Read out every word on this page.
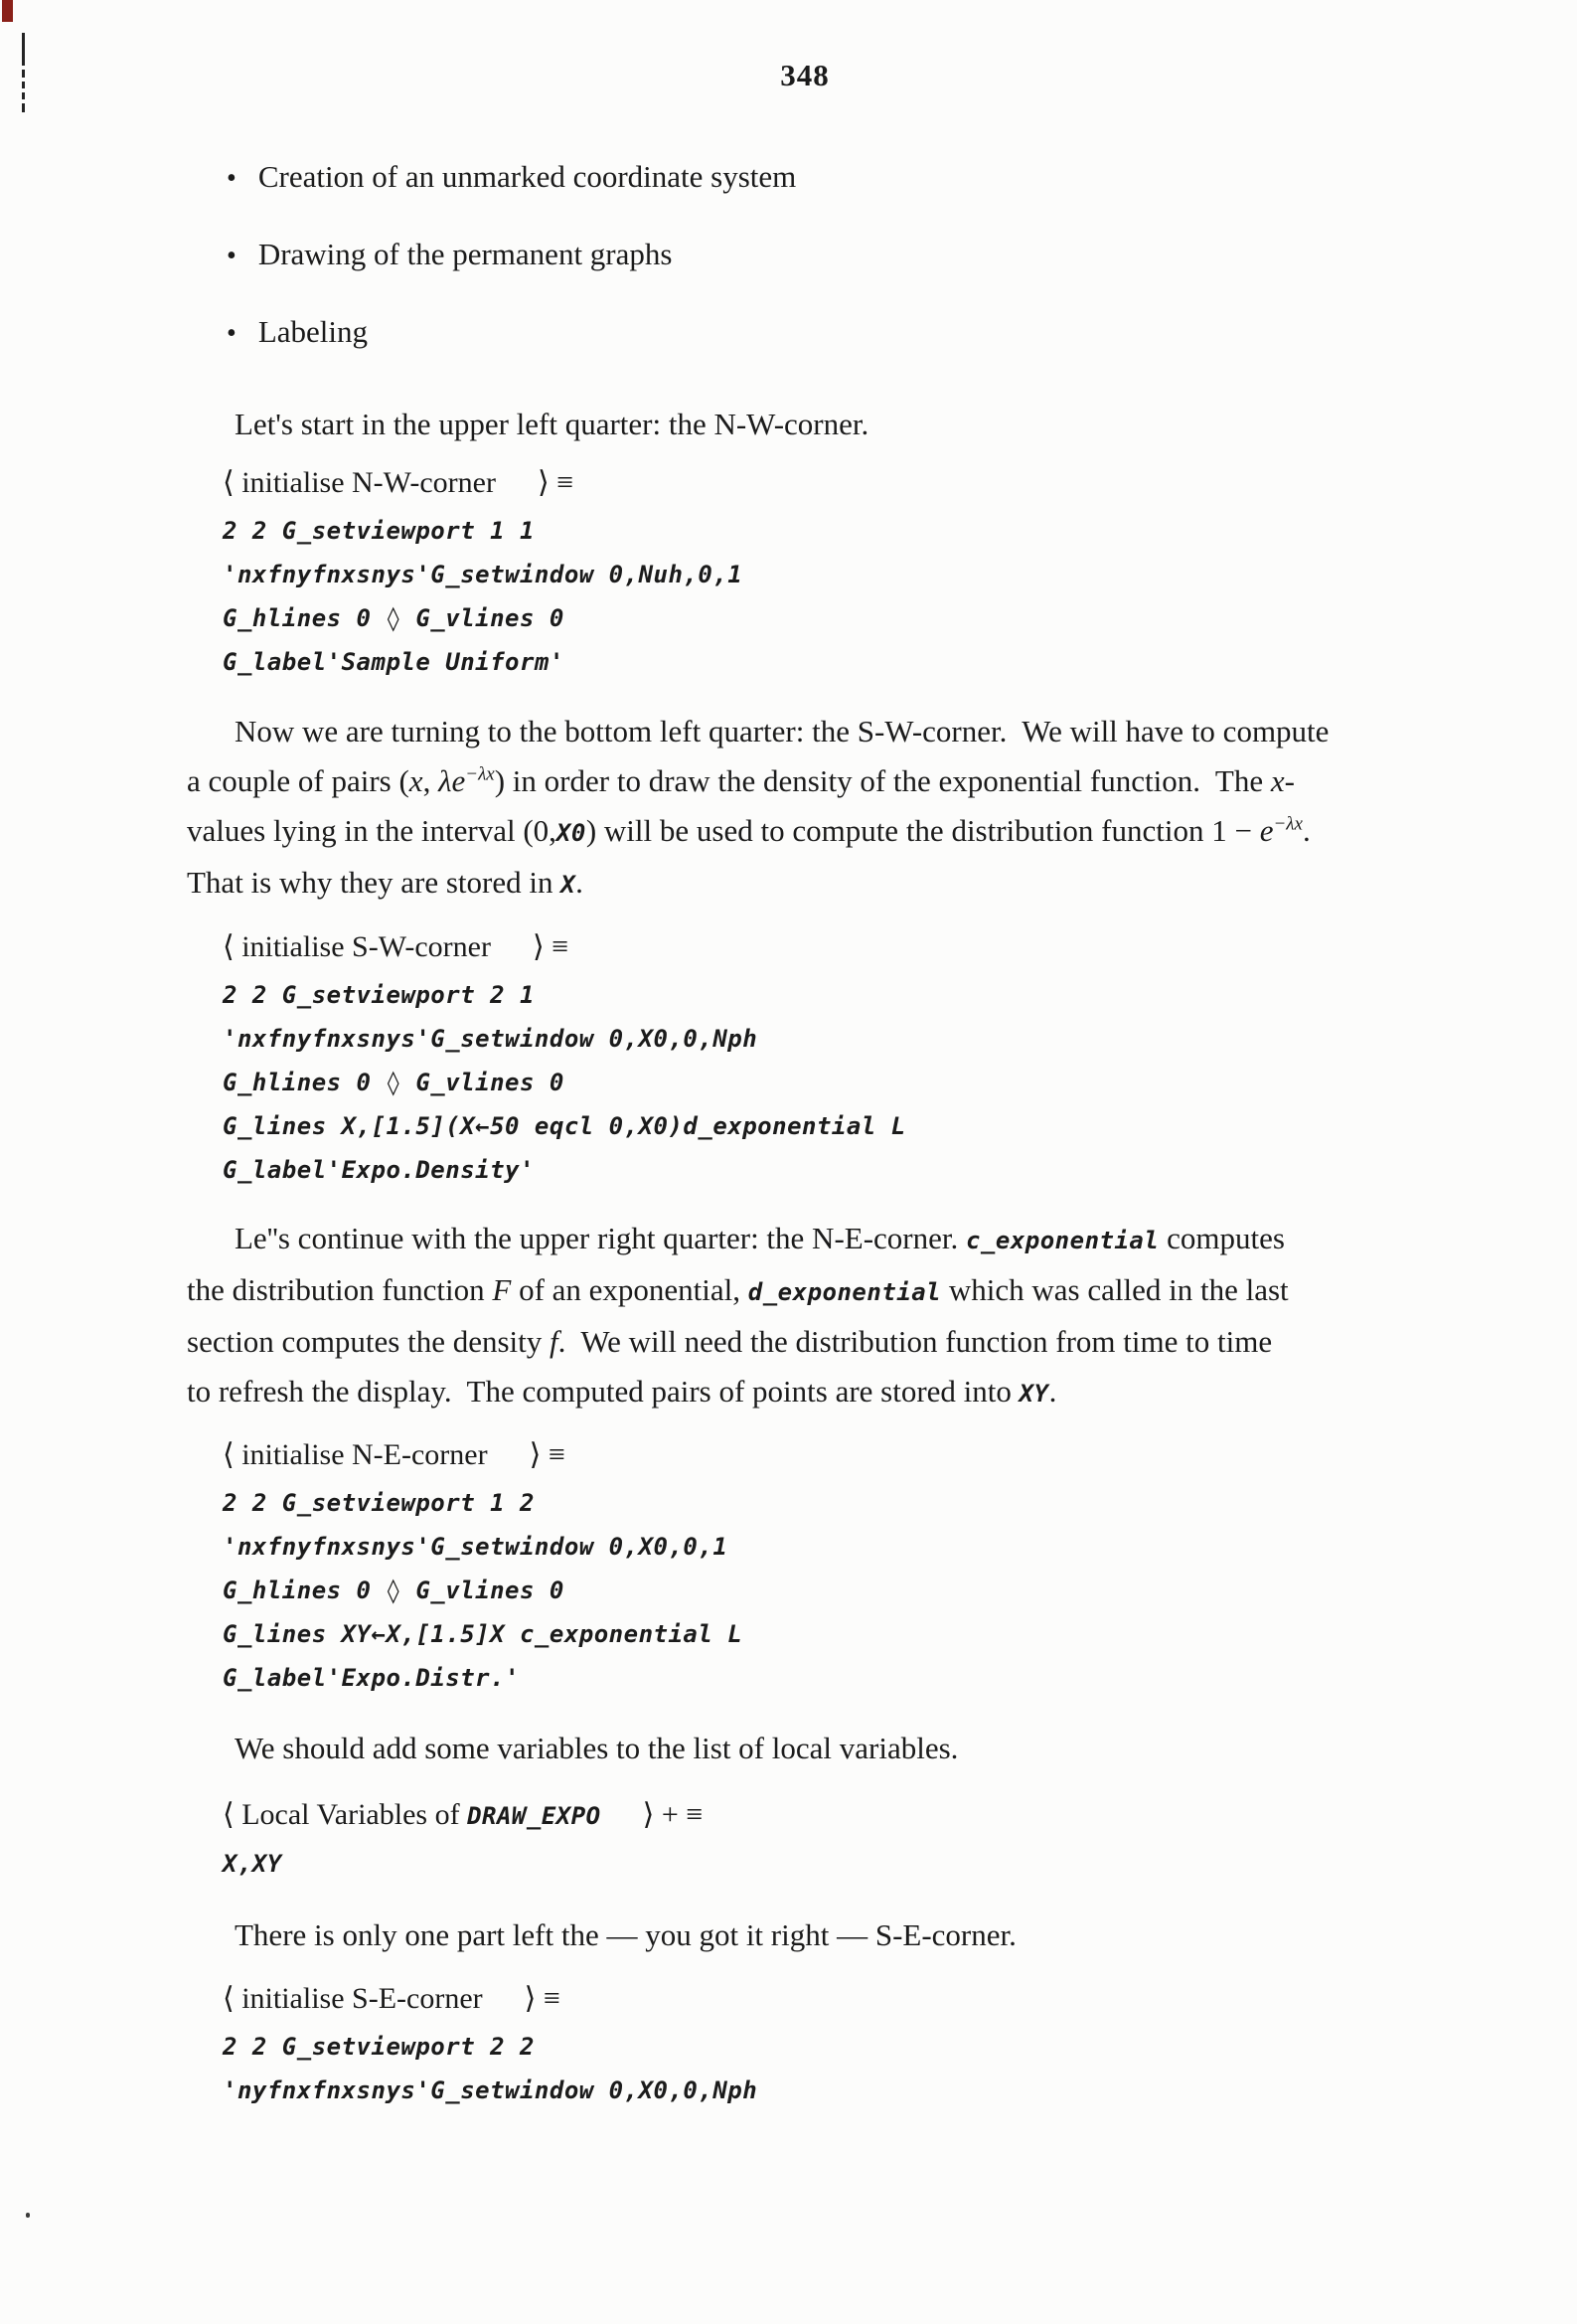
348
• Creation of an unmarked coordinate system
• Drawing of the permanent graphs
• Labeling
Let's start in the upper left quarter: the N-W-corner.
⟨ initialise N-W-corner ⟩ ≡
2 2 G_setviewport 1 1
'nxfnyfnxsnys'G_setwindow 0,Nuh,0,1
G_hlines 0 ◊ G_vlines 0
G_label'Sample Uniform'
Now we are turning to the bottom left quarter: the S-W-corner.  We will have to compute
a couple of pairs (x, $\lambda e^{-\lambda x}$) in order to draw the density of the exponential function.  The x-
values lying in the interval (0,X0) will be used to compute the distribution function $1 - e^{-\lambda x}$.
That is why they are stored in X.
⟨ initialise S-W-corner ⟩ ≡
2 2 G_setviewport 2 1
'nxfnyfnxsnys'G_setwindow 0,X0,0,Nph
G_hlines 0 ◊ G_vlines 0
G_lines X,[1.5](X←50 eqcl 0,X0)d_exponential L
G_label'Expo.Density'
Le''s continue with the upper right quarter: the N-E-corner. c_exponential computes
the distribution function F of an exponential, d_exponential which was called in the last
section computes the density f.  We will need the distribution function from time to time
to refresh the display.  The computed pairs of points are stored into XY.
⟨ initialise N-E-corner ⟩ ≡
2 2 G_setviewport 1 2
'nxfnyfnxsnys'G_setwindow 0,X0,0,1
G_hlines 0 ◊ G_vlines 0
G_lines XY←X,[1.5]X c_exponential L
G_label'Expo.Distr.'
We should add some variables to the list of local variables.
⟨ Local Variables of DRAW_EXPO ⟩ + ≡
X,XY
There is only one part left the — you got it right — S-E-corner.
⟨ initialise S-E-corner ⟩ ≡
2 2 G_setviewport 2 2
'nyfnxfnxsnys'G_setwindow 0,X0,0,Nph
